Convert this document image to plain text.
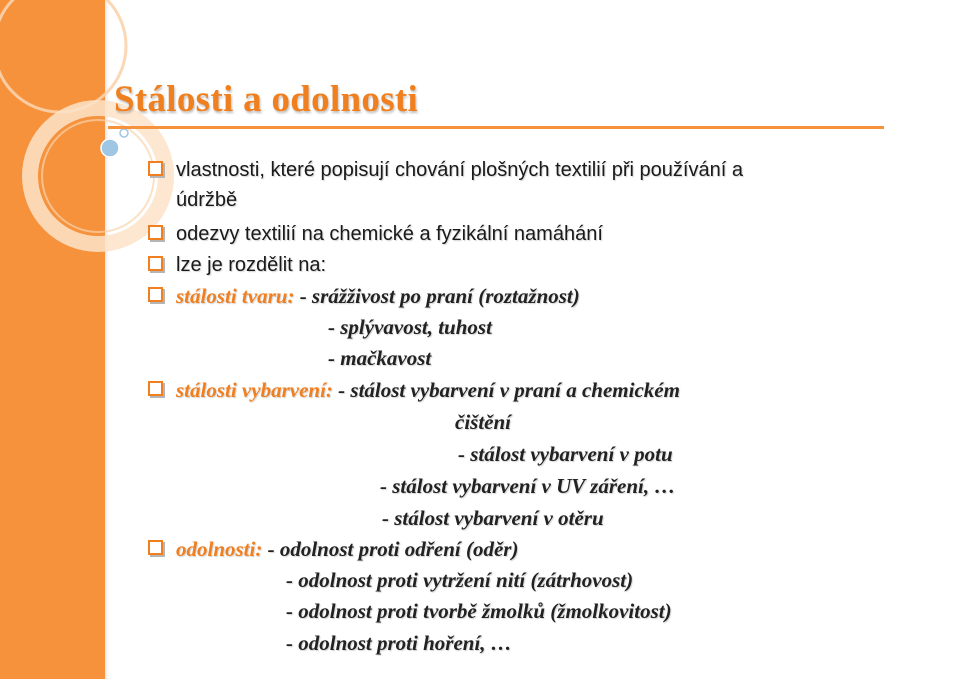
Stálosti a odolnosti
vlastnosti, které popisují chování plošných textilií při používání a
údržbě
odezvy textilií na chemické a fyzikální namáhání
lze je rozdělit na:
stálosti tvaru: - srážživost po praní (roztažnost)
- splývavost, tuhost
- mačkavost
stálosti vybarvení: - stálost vybarvení v praní a chemickém
čištění
- stálost vybarvení v potu
- stálost vybarvení v UV záření, …
- stálost vybarvení v otěru
odolnosti: - odolnost proti odření (oděr)
- odolnost proti vytržení nití (zátrhovost)
- odolnost proti tvorbě žmolků (žmolkovitost)
- odolnost proti hoření, …
